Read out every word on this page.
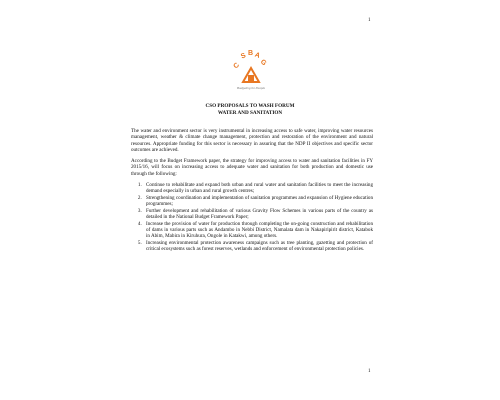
1
C
S B A
G
Budgeting for People
CSO PROPOSALS TO WASH FORUM
WATER AND SANITATION

The water and environment sector is very instrumental in increasing access to safe water, improving water resources management, weather & climate change management, protection and restoration of the environment and natural resources. Appropriate funding for this sector is necessary in assuring that the NDP II objectives and specific sector outcomes are achieved.

According to the Budget Framework paper, the strategy for improving access to water and sanitation facilities in FY 2015/16, will focus on increasing access to adequate water and sanitation for both production and domestic use through the following:

1. Continue to rehabilitate and expand both urban and rural water and sanitation facilities to meet the increasing demand especially in urban and rural growth centres;
2. Strengthening coordination and implementation of sanitation programmes and expansion of Hygiene education programmes;
3. Further development and rehabilitation of various Gravity Flow Schemes in various parts of the country as detailed in the National Budget Framework Paper;
4. Increase the provision of water for production through completing the on-going construction and rehabilitation of dams in various parts such as Andambo in Nebbi District, Namalata dam in Nakapiripirit district, Katabok in Abim, Mabira in Kiruhura, Ongole in Katakwi, among others.
5. Increasing environmental protection awareness campaigns such as tree planting, gazetting and protection of critical ecosystems such as forest reserves, wetlands and enforcement of environmental protection policies.
1
